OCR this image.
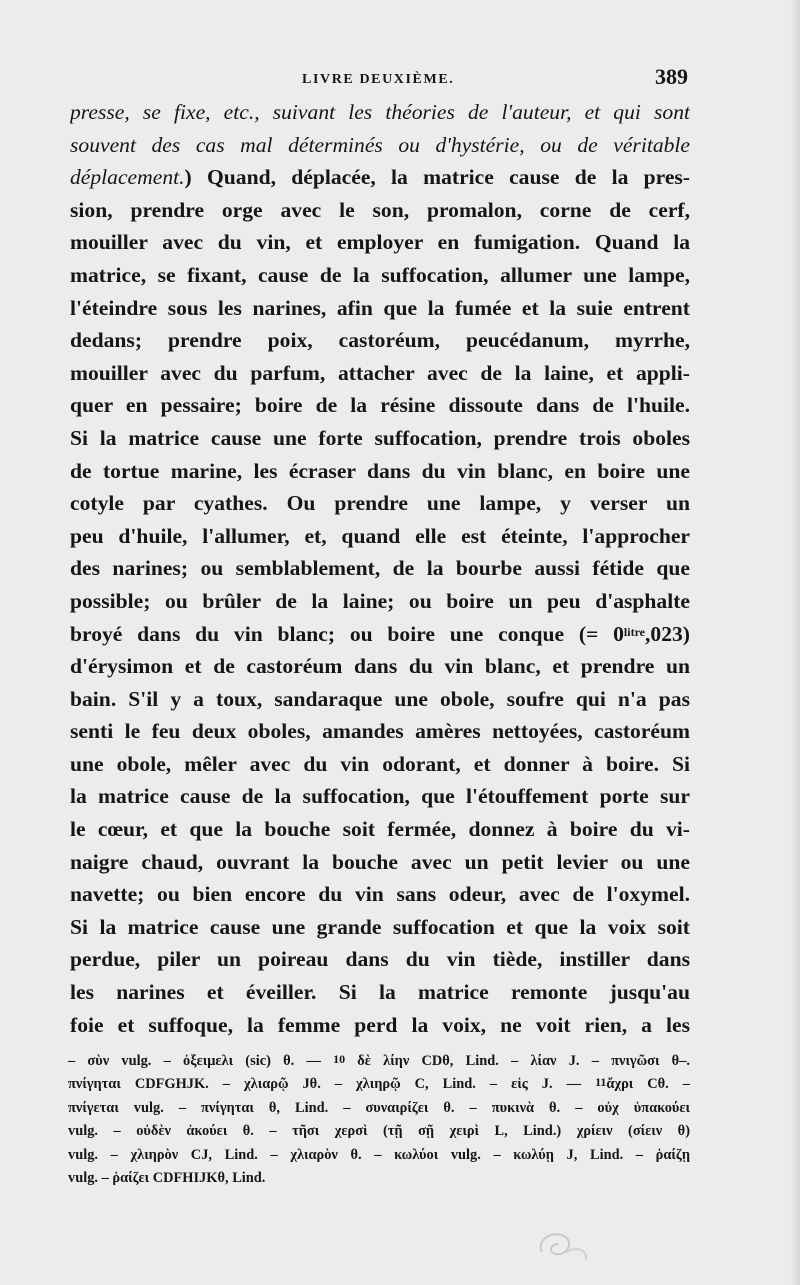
LIVRE DEUXIÈME.	389
presse, se fixe, etc., suivant les théories de l'auteur, et qui sont
souvent des cas mal déterminés ou d'hystérie, ou de véritable
déplacement.) Quand, déplacée, la matrice cause de la pres-
sion, prendre orge avec le son, promalon, corne de cerf,
mouiller avec du vin, et employer en fumigation. Quand la
matrice, se fixant, cause de la suffocation, allumer une lampe,
l'éteindre sous les narines, afin que la fumée et la suie entrent
dedans; prendre poix, castoréum, peucédanum, myrrhe,
mouiller avec du parfum, attacher avec de la laine, et appli-
quer en pessaire; boire de la résine dissoute dans de l'huile.
Si la matrice cause une forte suffocation, prendre trois oboles
de tortue marine, les écraser dans du vin blanc, en boire une
cotyle par cyathes. Ou prendre une lampe, y verser un
peu d'huile, l'allumer, et, quand elle est éteinte, l'approcher
des narines; ou semblablement, de la bourbe aussi fétide que
possible; ou brûler de la laine; ou boire un peu d'asphalte
broyé dans du vin blanc; ou boire une conque (= $0^{litre},023$)
d'érysimon et de castoréum dans du vin blanc, et prendre un
bain. S'il y a toux, sandaraque une obole, soufre qui n'a pas
senti le feu deux oboles, amandes amères nettoyées, castoréum
une obole, mêler avec du vin odorant, et donner à boire. Si
la matrice cause de la suffocation, que l'étouffement porte sur
le cœur, et que la bouche soit fermée, donnez à boire du vi-
naigre chaud, ouvrant la bouche avec un petit levier ou une
navette; ou bien encore du vin sans odeur, avec de l'oxymel.
Si la matrice cause une grande suffocation et que la voix soit
perdue, piler un poireau dans du vin tiède, instiller dans
les narines et éveiller. Si la matrice remonte jusqu'au
foie et suffoque, la femme perd la voix, ne voit rien, a les
– σὺν vulg. – ὀξειμελι (sic) θ. — $^{10}$ δὲ λίην CDθ, Lind. – λίαν J. – πνιγῶσι θ–.
πνίγηται CDFGHJK. – χλιαρῷ Jθ. – χλιηρῷ C, Lind. – εἰς J. — $^{11}$ἄχρι Cθ. –
πνίγεται vulg. – πνίγηται θ, Lind. – συναιρίζει θ. – πυκινὰ θ. – οὐχ ὑπακούει
vulg. – οὐδὲν ἀκούει θ. – τῆσι χερσὶ (τῇ σῇ χειρὶ L, Lind.) χρίειν (σίειν θ)
vulg. – χλιηρὸν CJ, Lind. – χλιαρὸν θ. – κωλύοι vulg. – κωλύῃ J, Lind. – ῥαίζῃ
vulg. – ῥαίζει CDFHIJKθ, Lind.
